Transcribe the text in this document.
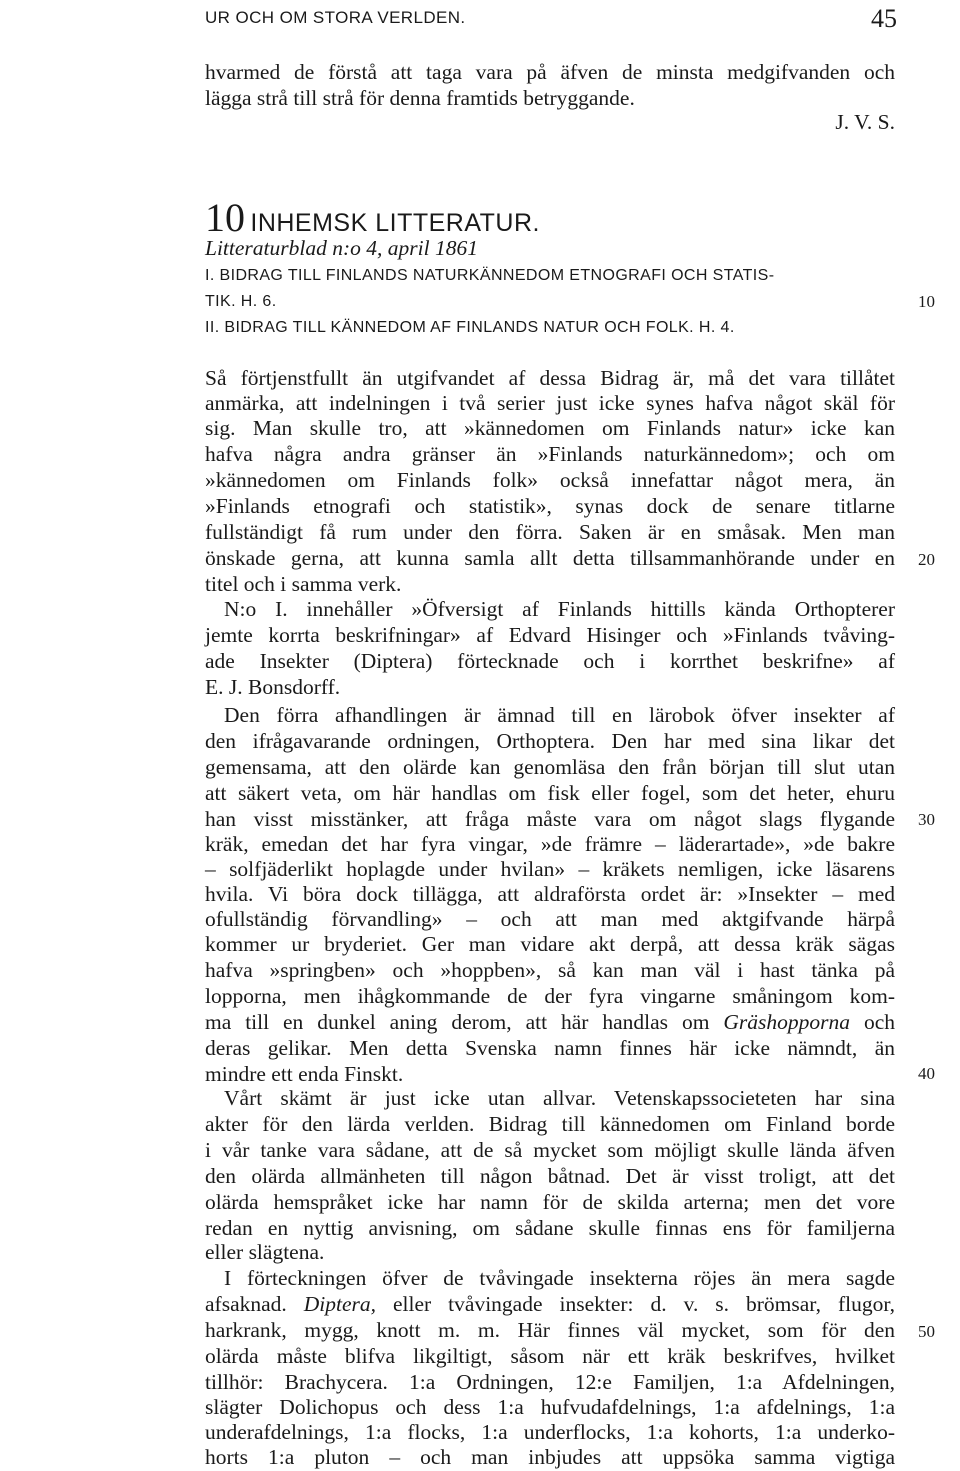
UR OCH OM STORA VERLDEN.	45
hvarmed de förstå att taga vara på äfven de minsta medgifvanden och
lägga strå till strå för denna framtids betryggande.
J. V. S.
10 INHEMSK LITTERATUR.
Litteraturblad n:o 4, april 1861
I. BIDRAG TILL FINLANDS NATURKÄNNEDOM ETNOGRAFI OCH STATIS-
TIK. H. 6.
II. BIDRAG TILL KÄNNEDOM AF FINLANDS NATUR OCH FOLK. H. 4.
Så förtjenstfullt än utgifvandet af dessa Bidrag är, må det vara tillåtet
anmärka, att indelningen i två serier just icke synes hafva något skäl för
sig. Man skulle tro, att »kännedomen om Finlands natur» icke kan
hafva några andra gränser än »Finlands naturkännedom»; och om
»kännedomen om Finlands folk» också innefattar något mera, än
»Finlands etnografi och statistik», synas dock de senare titlarne
fullständigt få rum under den förra. Saken är en småsak. Men man
önskade gerna, att kunna samla allt detta tillsammanhörande under en
titel och i samma verk.
N:o I. innehåller »Öfversigt af Finlands hittills kända Orthopterer
jemte korrta beskrifningar» af Edvard Hisinger och »Finlands tvåving-
ade Insekter (Diptera) förtecknade och i korrthet beskrifne» af
E. J. Bonsdorff.
Den förra afhandlingen är ämnad till en lärobok öfver insekter af
den ifrågavarande ordningen, Orthoptera. Den har med sina likar det
gemensama, att den olärde kan genomläsa den från början till slut utan
att säkert veta, om här handlas om fisk eller fogel, som det heter, ehuru
han visst misstänker, att fråga måste vara om något slags flygande
kräk, emedan det har fyra vingar, »de främre – läderartade», »de bakre
– solfjäderlikt hoplagde under hvilan» – kräkets nemligen, icke läsarens
hvila. Vi böra dock tillägga, att aldraförsta ordet är: »Insekter – med
ofullständig förvandling» – och att man med aktgifvande härpå
kommer ur bryderiet. Ger man vidare akt derpå, att dessa kräk sägas
hafva »springben» och »hoppben», så kan man väl i hast tänka på
lopporna, men ihågkommande de der fyra vingarne småningom kom-
ma till en dunkel aning derom, att här handlas om Gräshopporna och
deras gelikar. Men detta Svenska namn finnes här icke nämndt, än
mindre ett enda Finskt.
Vårt skämt är just icke utan allvar. Vetenskapssocieteten har sina
akter för den lärda verlden. Bidrag till kännedomen om Finland borde
i vår tanke vara sådane, att de så mycket som möjligt skulle lända äfven
den olärda allmänheten till någon båtnad. Det är visst troligt, att det
olärda hemspråket icke har namn för de skilda arterna; men det vore
redan en nyttig anvisning, om sådane skulle finnas ens för familjerna
eller slägtena.
I förteckningen öfver de tvåvingade insekterna röjes än mera sagde
afsaknad. Diptera, eller tvåvingade insekter: d. v. s. brömsar, flugor,
harkrank, mygg, knott m. m. Här finnes väl mycket, som för den
olärda måste blifva likgiltigt, såsom när ett kräk beskrifves, hvilket
tillhör: Brachycera. 1:a Ordningen, 12:e Familjen, 1:a Afdelningen,
slägter Dolichopus och dess 1:a hufvudafdelnings, 1:a afdelnings, 1:a
underafdelnings, 1:a flocks, 1:a underflocks, 1:a kohorts, 1:a underko-
horts 1:a pluton – och man inbjudes att uppsöka samma vigtiga
10
20
30
40
50
